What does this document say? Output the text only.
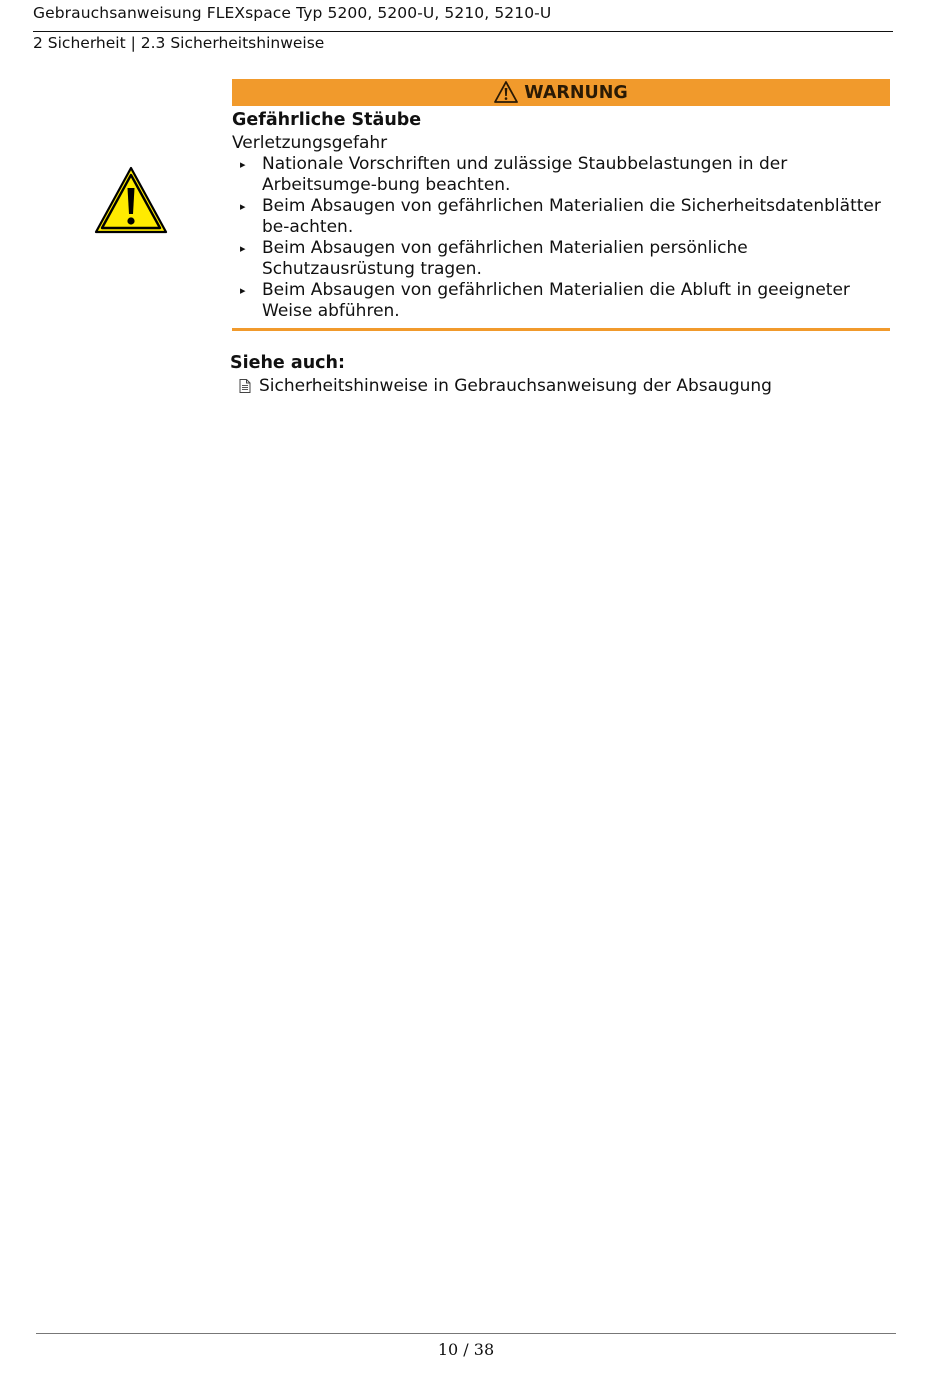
Gebrauchsanweisung FLEXspace Typ 5200, 5200-U, 5210, 5210-U
2 Sicherheit | 2.3 Sicherheitshinweise
WARNUNG
Gefährliche Stäube
Verletzungsgefahr
▸ Nationale Vorschriften und zulässige Staubbelastungen in der Arbeitsumge-bung beachten.
▸ Beim Absaugen von gefährlichen Materialien die Sicherheitsdatenblätter be-achten.
▸ Beim Absaugen von gefährlichen Materialien persönliche Schutzausrüstung tragen.
▸ Beim Absaugen von gefährlichen Materialien die Abluft in geeigneter Weise abführen.
Siehe auch:
Sicherheitshinweise in Gebrauchsanweisung der Absaugung
10 / 38
